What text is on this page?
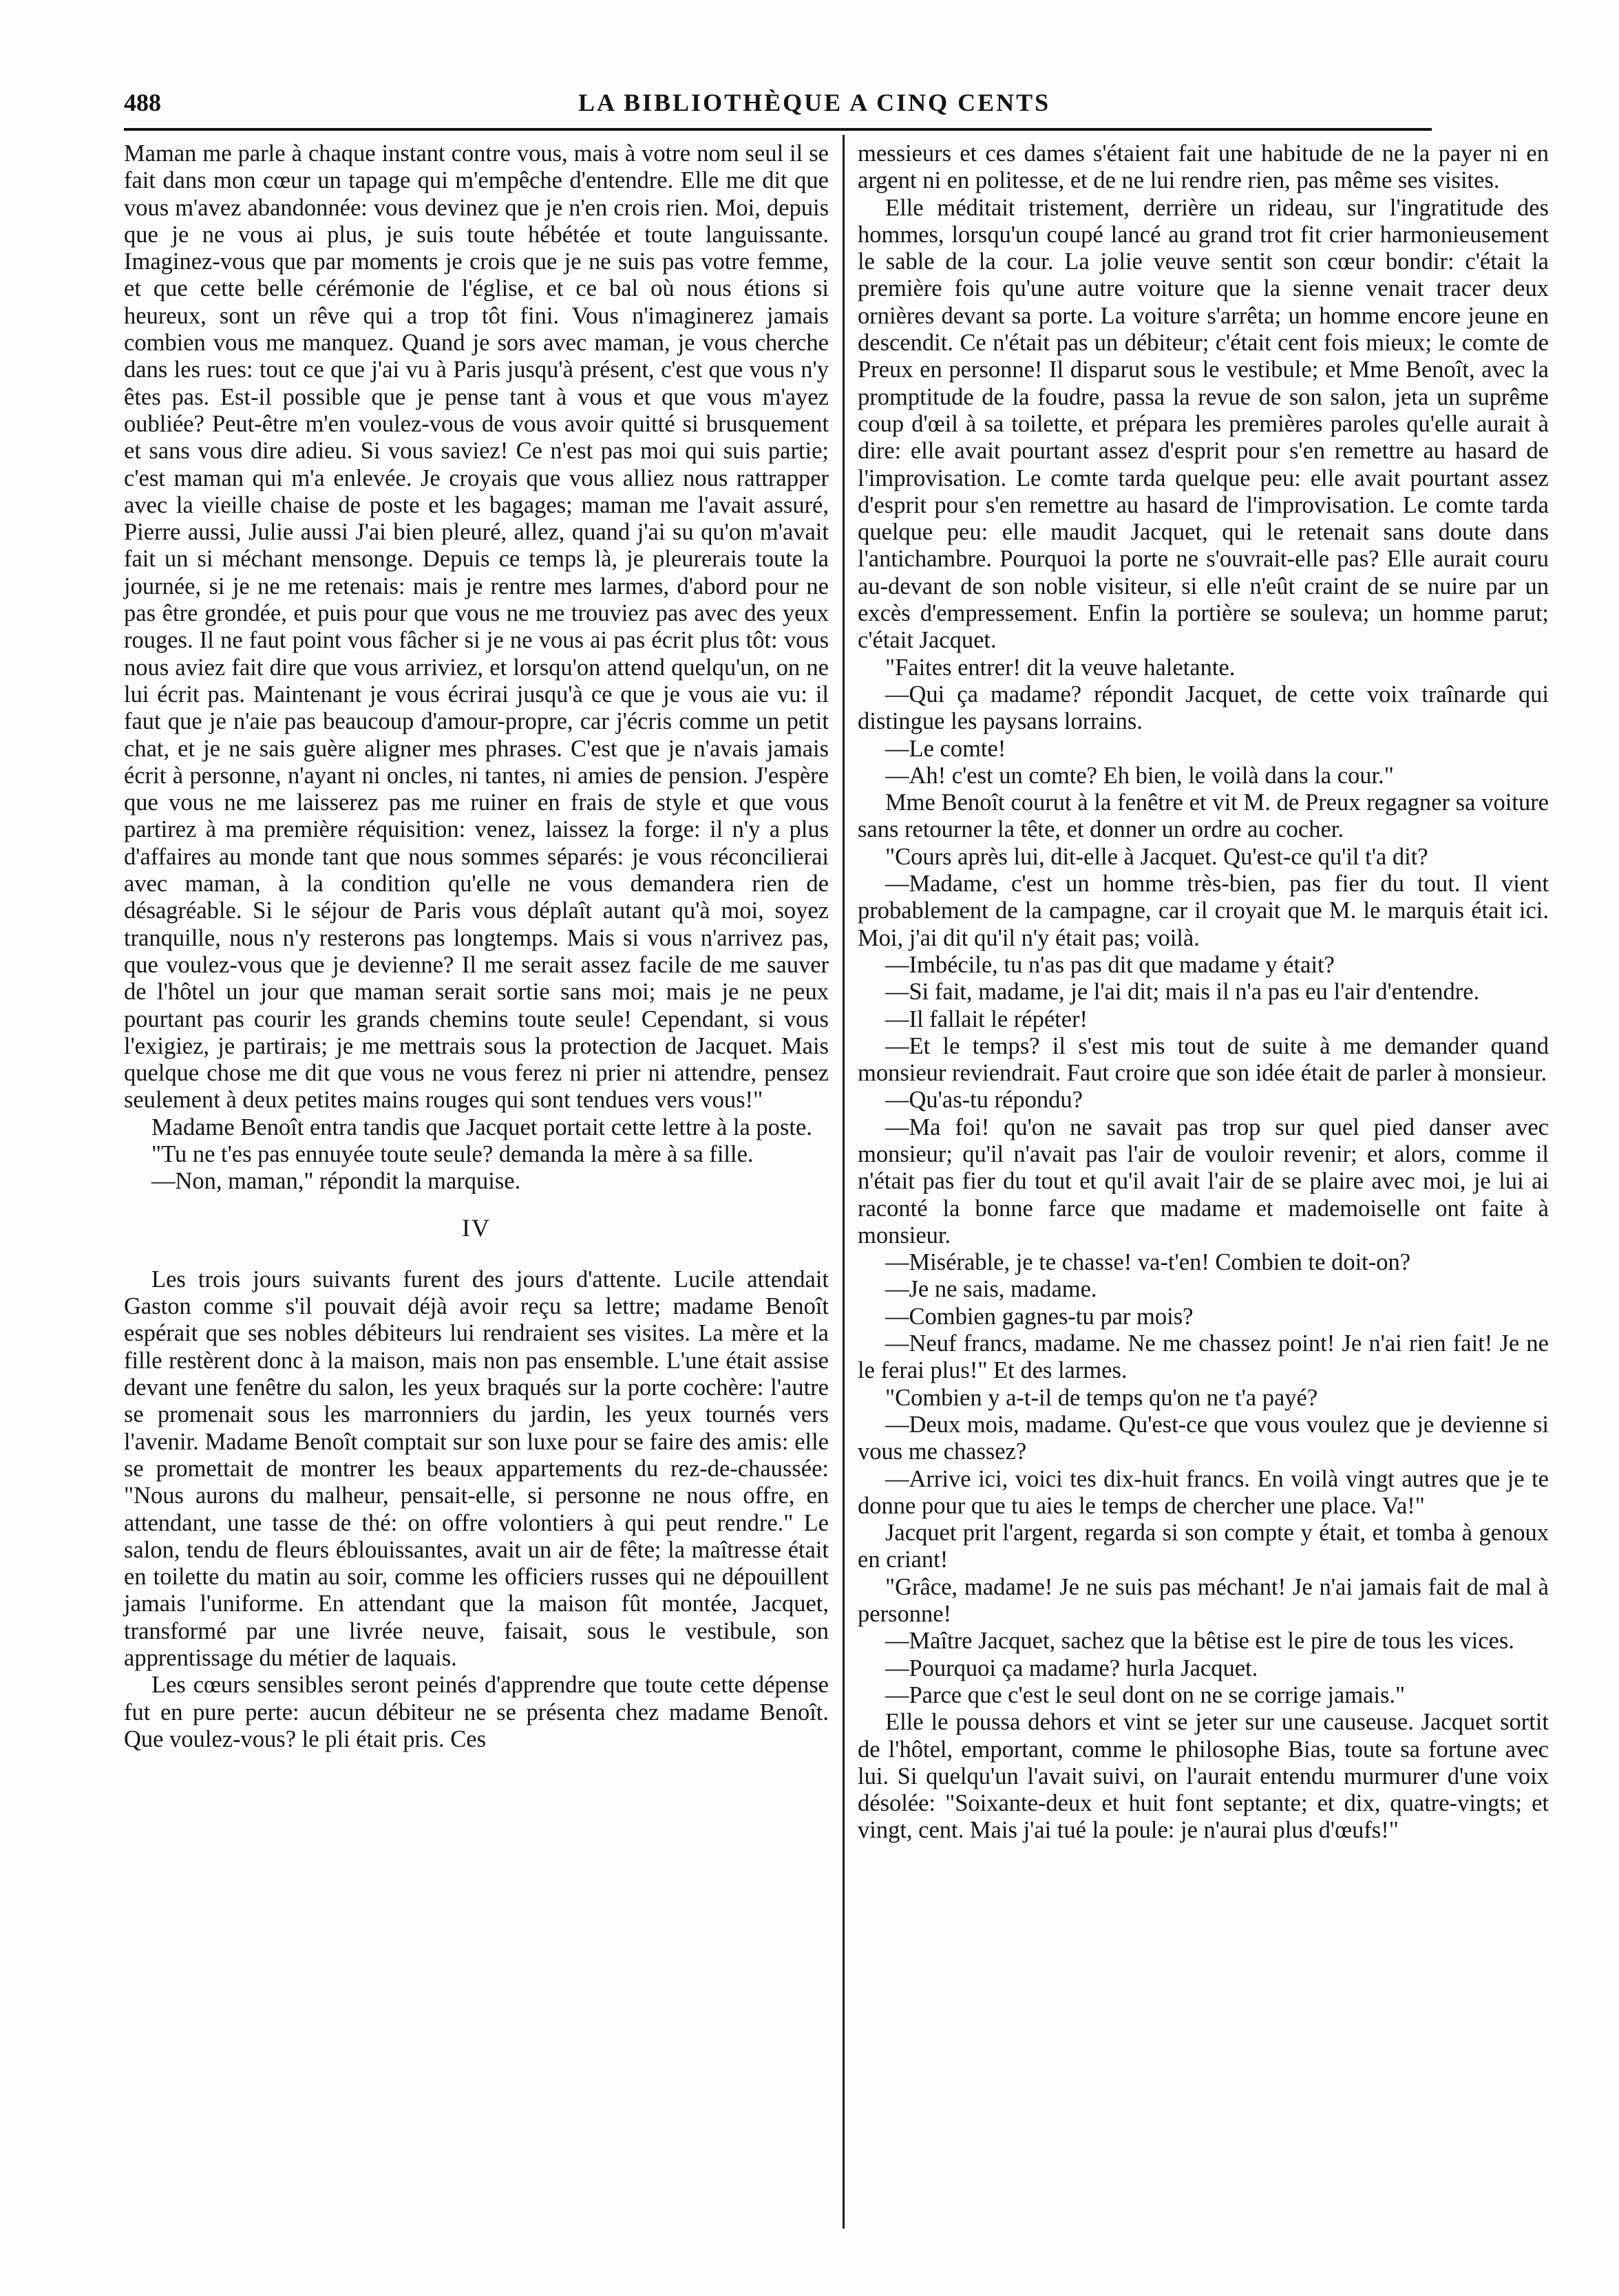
488	LA BIBLIOTHÈQUE A CINQ CENTS

Maman me parle à chaque instant contre vous, mais à votre nom seul il se fait dans mon cœur un tapage qui m'empêche d'entendre. Elle me dit que vous m'avez abandonnée: vous devinez que je n'en crois rien. Moi, depuis que je ne vous ai plus, je suis toute hébétée et toute languissante. Imaginez-vous que par moments je crois que je ne suis pas votre femme, et que cette belle cérémonie de l'église, et ce bal où nous étions si heureux, sont un rêve qui a trop tôt fini. Vous n'imaginerez jamais combien vous me manquez. Quand je sors avec maman, je vous cherche dans les rues: tout ce que j'ai vu à Paris jusqu'à présent, c'est que vous n'y êtes pas. Est-il possible que je pense tant à vous et que vous m'ayez oubliée? Peut-être m'en voulez-vous de vous avoir quitté si brusquement et sans vous dire adieu. Si vous saviez! Ce n'est pas moi qui suis partie; c'est maman qui m'a enlevée. Je croyais que vous alliez nous rattrapper avec la vieille chaise de poste et les bagages; maman me l'avait assuré, Pierre aussi, Julie aussi J'ai bien pleuré, allez, quand j'ai su qu'on m'avait fait un si méchant mensonge. Depuis ce temps là, je pleurerais toute la journée, si je ne me retenais: mais je rentre mes larmes, d'abord pour ne pas être grondée, et puis pour que vous ne me trouviez pas avec des yeux rouges. Il ne faut point vous fâcher si je ne vous ai pas écrit plus tôt: vous nous aviez fait dire que vous arriviez, et lorsqu'on attend quelqu'un, on ne lui écrit pas. Maintenant je vous écrirai jusqu'à ce que je vous aie vu: il faut que je n'aie pas beaucoup d'amour-propre, car j'écris comme un petit chat, et je ne sais guère aligner mes phrases. C'est que je n'avais jamais écrit à personne, n'ayant ni oncles, ni tantes, ni amies de pension. J'espère que vous ne me laisserez pas me ruiner en frais de style et que vous partirez à ma première réquisition: venez, laissez la forge: il n'y a plus d'affaires au monde tant que nous sommes séparés: je vous réconcilierai avec maman, à la condition qu'elle ne vous demandera rien de désagréable. Si le séjour de Paris vous déplaît autant qu'à moi, soyez tranquille, nous n'y resterons pas longtemps. Mais si vous n'arrivez pas, que voulez-vous que je devienne? Il me serait assez facile de me sauver de l'hôtel un jour que maman serait sortie sans moi; mais je ne peux pourtant pas courir les grands chemins toute seule! Cependant, si vous l'exigiez, je partirais; je me mettrais sous la protection de Jacquet. Mais quelque chose me dit que vous ne vous ferez ni prier ni attendre, pensez seulement à deux petites mains rouges qui sont tendues vers vous!"

Madame Benoît entra tandis que Jacquet portait cette lettre à la poste.

"Tu ne t'es pas ennuyée toute seule? demanda la mère à sa fille.

—Non, maman," répondit la marquise.

IV

Les trois jours suivants furent des jours d'attente. Lucile attendait Gaston comme s'il pouvait déjà avoir reçu sa lettre; madame Benoît espérait que ses nobles débiteurs lui rendraient ses visites. La mère et la fille restèrent donc à la maison, mais non pas ensemble. L'une était assise devant une fenêtre du salon, les yeux braqués sur la porte cochère: l'autre se promenait sous les marronniers du jardin, les yeux tournés vers l'avenir. Madame Benoît comptait sur son luxe pour se faire des amis: elle se promettait de montrer les beaux appartements du rez-de-chaussée: "Nous aurons du malheur, pensait-elle, si personne ne nous offre, en attendant, une tasse de thé: on offre volontiers à qui peut rendre." Le salon, tendu de fleurs éblouissantes, avait un air de fête; la maîtresse était en toilette du matin au soir, comme les officiers russes qui ne dépouillent jamais l'uniforme. En attendant que la maison fût montée, Jacquet, transformé par une livrée neuve, faisait, sous le vestibule, son apprentissage du métier de laquais.

Les cœurs sensibles seront peinés d'apprendre que toute cette dépense fut en pure perte: aucun débiteur ne se présenta chez madame Benoît. Que voulez-vous? le pli était pris. Ces

messieurs et ces dames s'étaient fait une habitude de ne la payer ni en argent ni en politesse, et de ne lui rendre rien, pas même ses visites.

Elle méditait tristement, derrière un rideau, sur l'ingratitude des hommes, lorsqu'un coupé lancé au grand trot fit crier harmonieusement le sable de la cour. La jolie veuve sentit son cœur bondir: c'était la première fois qu'une autre voiture que la sienne venait tracer deux ornières devant sa porte. La voiture s'arrêta; un homme encore jeune en descendit. Ce n'était pas un débiteur; c'était cent fois mieux; le comte de Preux en personne! Il disparut sous le vestibule; et Mme Benoît, avec la promptitude de la foudre, passa la revue de son salon, jeta un suprême coup d'œil à sa toilette, et prépara les premières paroles qu'elle aurait à dire: elle avait pourtant assez d'esprit pour s'en remettre au hasard de l'improvisation. Le comte tarda quelque peu: elle avait pourtant assez d'esprit pour s'en remettre au hasard de l'improvisation. Le comte tarda quelque peu: elle maudit Jacquet, qui le retenait sans doute dans l'antichambre. Pourquoi la porte ne s'ouvrait-elle pas? Elle aurait couru au-devant de son noble visiteur, si elle n'eût craint de se nuire par un excès d'empressement. Enfin la portière se souleva; un homme parut; c'était Jacquet.

"Faites entrer! dit la veuve haletante.

—Qui ça madame? répondit Jacquet, de cette voix traînarde qui distingue les paysans lorrains.

—Le comte!

—Ah! c'est un comte? Eh bien, le voilà dans la cour."

Mme Benoît courut à la fenêtre et vit M. de Preux regagner sa voiture sans retourner la tête, et donner un ordre au cocher.

"Cours après lui, dit-elle à Jacquet. Qu'est-ce qu'il t'a dit?

—Madame, c'est un homme très-bien, pas fier du tout. Il vient probablement de la campagne, car il croyait que M. le marquis était ici. Moi, j'ai dit qu'il n'y était pas; voilà.

—Imbécile, tu n'as pas dit que madame y était?

—Si fait, madame, je l'ai dit; mais il n'a pas eu l'air d'entendre.

—Il fallait le répéter!

—Et le temps? il s'est mis tout de suite à me demander quand monsieur reviendrait. Faut croire que son idée était de parler à monsieur.

—Qu'as-tu répondu?

—Ma foi! qu'on ne savait pas trop sur quel pied danser avec monsieur; qu'il n'avait pas l'air de vouloir revenir; et alors, comme il n'était pas fier du tout et qu'il avait l'air de se plaire avec moi, je lui ai raconté la bonne farce que madame et mademoiselle ont faite à monsieur.

—Misérable, je te chasse! va-t'en! Combien te doit-on?

—Je ne sais, madame.

—Combien gagnes-tu par mois?

—Neuf francs, madame. Ne me chassez point! Je n'ai rien fait! Je ne le ferai plus!" Et des larmes.

"Combien y a-t-il de temps qu'on ne t'a payé?

—Deux mois, madame. Qu'est-ce que vous voulez que je devienne si vous me chassez?

—Arrive ici, voici tes dix-huit francs. En voilà vingt autres que je te donne pour que tu aies le temps de chercher une place. Va!"

Jacquet prit l'argent, regarda si son compte y était, et tomba à genoux en criant!

"Grâce, madame! Je ne suis pas méchant! Je n'ai jamais fait de mal à personne!

—Maître Jacquet, sachez que la bêtise est le pire de tous les vices.

—Pourquoi ça madame? hurla Jacquet.

—Parce que c'est le seul dont on ne se corrige jamais."

Elle le poussa dehors et vint se jeter sur une causeuse. Jacquet sortit de l'hôtel, emportant, comme le philosophe Bias, toute sa fortune avec lui. Si quelqu'un l'avait suivi, on l'aurait entendu murmurer d'une voix désolée: "Soixante-deux et huit font septante; et dix, quatre-vingts; et vingt, cent. Mais j'ai tué la poule: je n'aurai plus d'œufs!"
